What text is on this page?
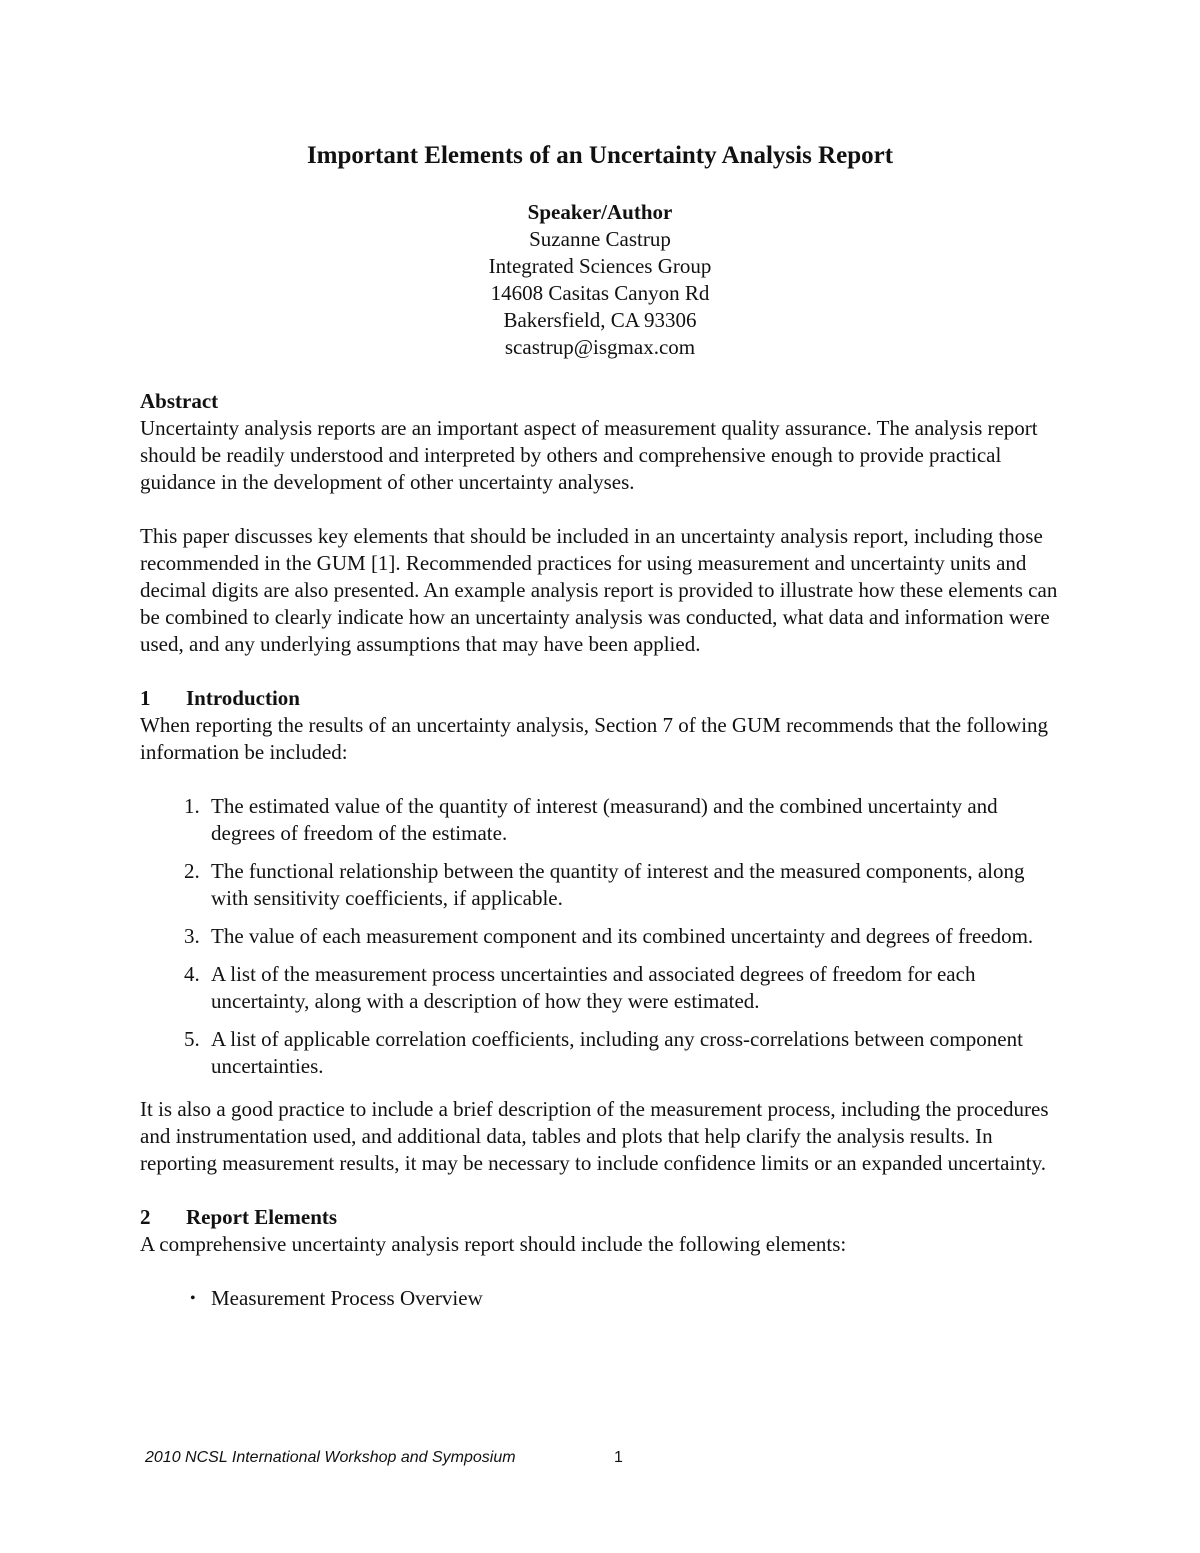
Important Elements of an Uncertainty Analysis Report
Speaker/Author
Suzanne Castrup
Integrated Sciences Group
14608 Casitas Canyon Rd
Bakersfield, CA 93306
scastrup@isgmax.com
Abstract

Uncertainty analysis reports are an important aspect of measurement quality assurance. The analysis report should be readily understood and interpreted by others and comprehensive enough to provide practical guidance in the development of other uncertainty analyses.

This paper discusses key elements that should be included in an uncertainty analysis report, including those recommended in the GUM [1]. Recommended practices for using measurement and uncertainty units and decimal digits are also presented. An example analysis report is provided to illustrate how these elements can be combined to clearly indicate how an uncertainty analysis was conducted, what data and information were used, and any underlying assumptions that may have been applied.

1 Introduction

When reporting the results of an uncertainty analysis, Section 7 of the GUM recommends that the following information be included:

1. The estimated value of the quantity of interest (measurand) and the combined uncertainty and degrees of freedom of the estimate.
2. The functional relationship between the quantity of interest and the measured components, along with sensitivity coefficients, if applicable.
3. The value of each measurement component and its combined uncertainty and degrees of freedom.
4. A list of the measurement process uncertainties and associated degrees of freedom for each uncertainty, along with a description of how they were estimated.
5. A list of applicable correlation coefficients, including any cross-correlations between component uncertainties.

It is also a good practice to include a brief description of the measurement process, including the procedures and instrumentation used, and additional data, tables and plots that help clarify the analysis results. In reporting measurement results, it may be necessary to include confidence limits or an expanded uncertainty.

2 Report Elements

A comprehensive uncertainty analysis report should include the following elements:

• Measurement Process Overview
2010 NCSL International Workshop and Symposium	1
